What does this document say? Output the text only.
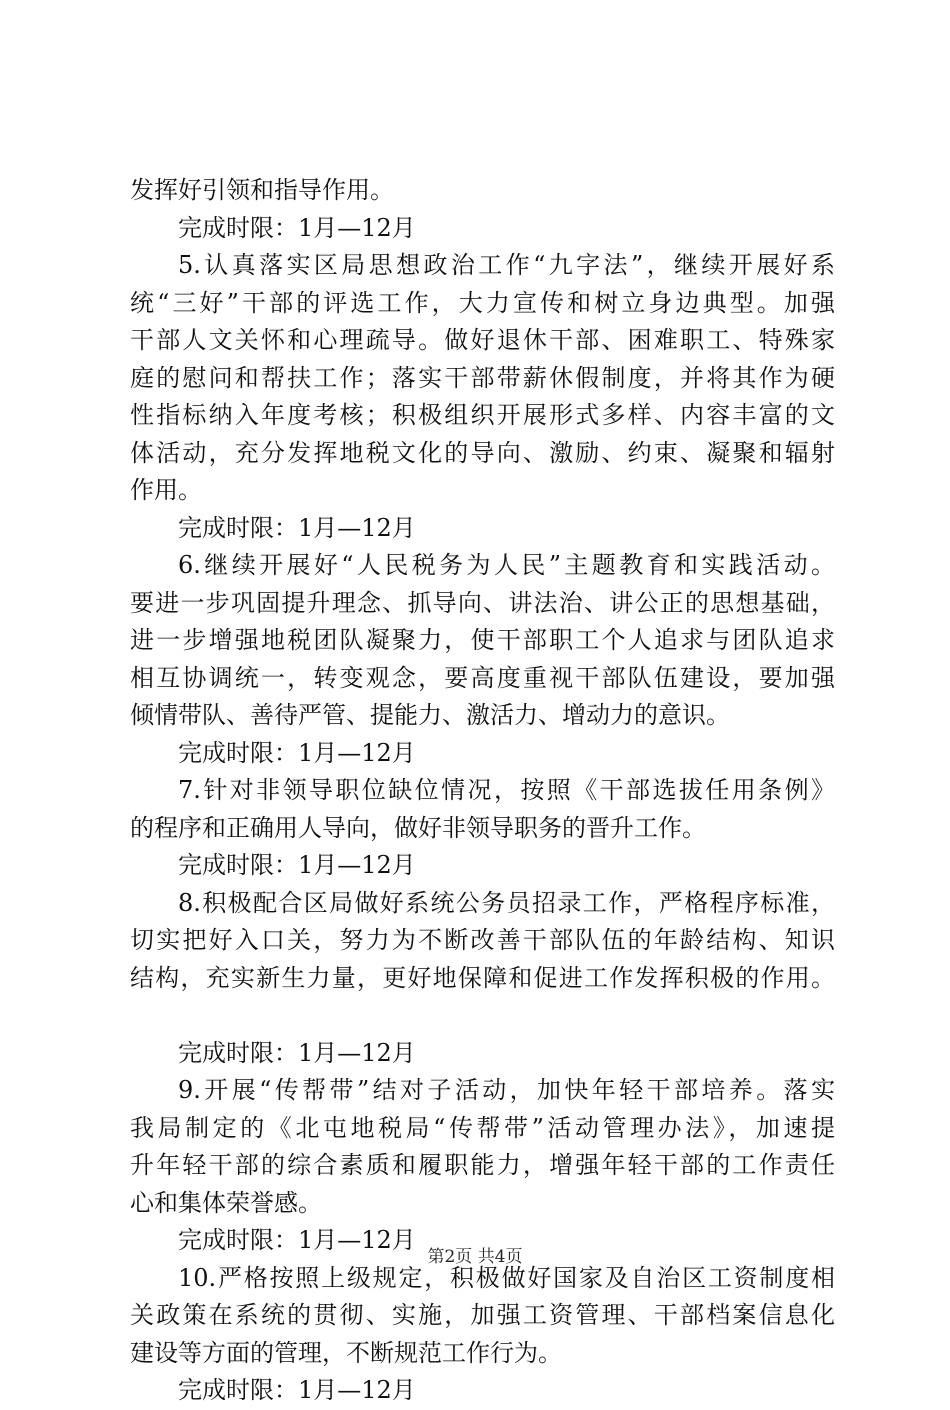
发挥好引领和指导作用。
完成时限：1月—12月
5.认真落实区局思想政治工作“九字法”，继续开展好系
统“三好”干部的评选工作，大力宣传和树立身边典型。加强
干部人文关怀和心理疏导。做好退休干部、困难职工、特殊家
庭的慰问和帮扶工作；落实干部带薪休假制度，并将其作为硬
性指标纳入年度考核；积极组织开展形式多样、内容丰富的文
体活动，充分发挥地税文化的导向、激励、约束、凝聚和辐射
作用。
完成时限：1月—12月
6.继续开展好“人民税务为人民”主题教育和实践活动。
要进一步巩固提升理念、抓导向、讲法治、讲公正的思想基础，
进一步增强地税团队凝聚力，使干部职工个人追求与团队追求
相互协调统一，转变观念，要高度重视干部队伍建设，要加强
倾情带队、善待严管、提能力、激活力、增动力的意识。
完成时限：1月—12月
7.针对非领导职位缺位情况，按照《干部选拔任用条例》
的程序和正确用人导向，做好非领导职务的晋升工作。
完成时限：1月—12月
8.积极配合区局做好系统公务员招录工作，严格程序标准，
切实把好入口关，努力为不断改善干部队伍的年龄结构、知识
结构，充实新生力量，更好地保障和促进工作发挥积极的作用。
完成时限：1月—12月
9.开展“传帮带”结对子活动，加快年轻干部培养。落实
我局制定的《北屯地税局“传帮带”活动管理办法》，加速提
升年轻干部的综合素质和履职能力，增强年轻干部的工作责任
心和集体荣誉感。
完成时限：1月—12月
10.严格按照上级规定，积极做好国家及自治区工资制度相
关政策在系统的贯彻、实施，加强工资管理、干部档案信息化
建设等方面的管理，不断规范工作行为。
完成时限：1月—12月
第2页 共4页
